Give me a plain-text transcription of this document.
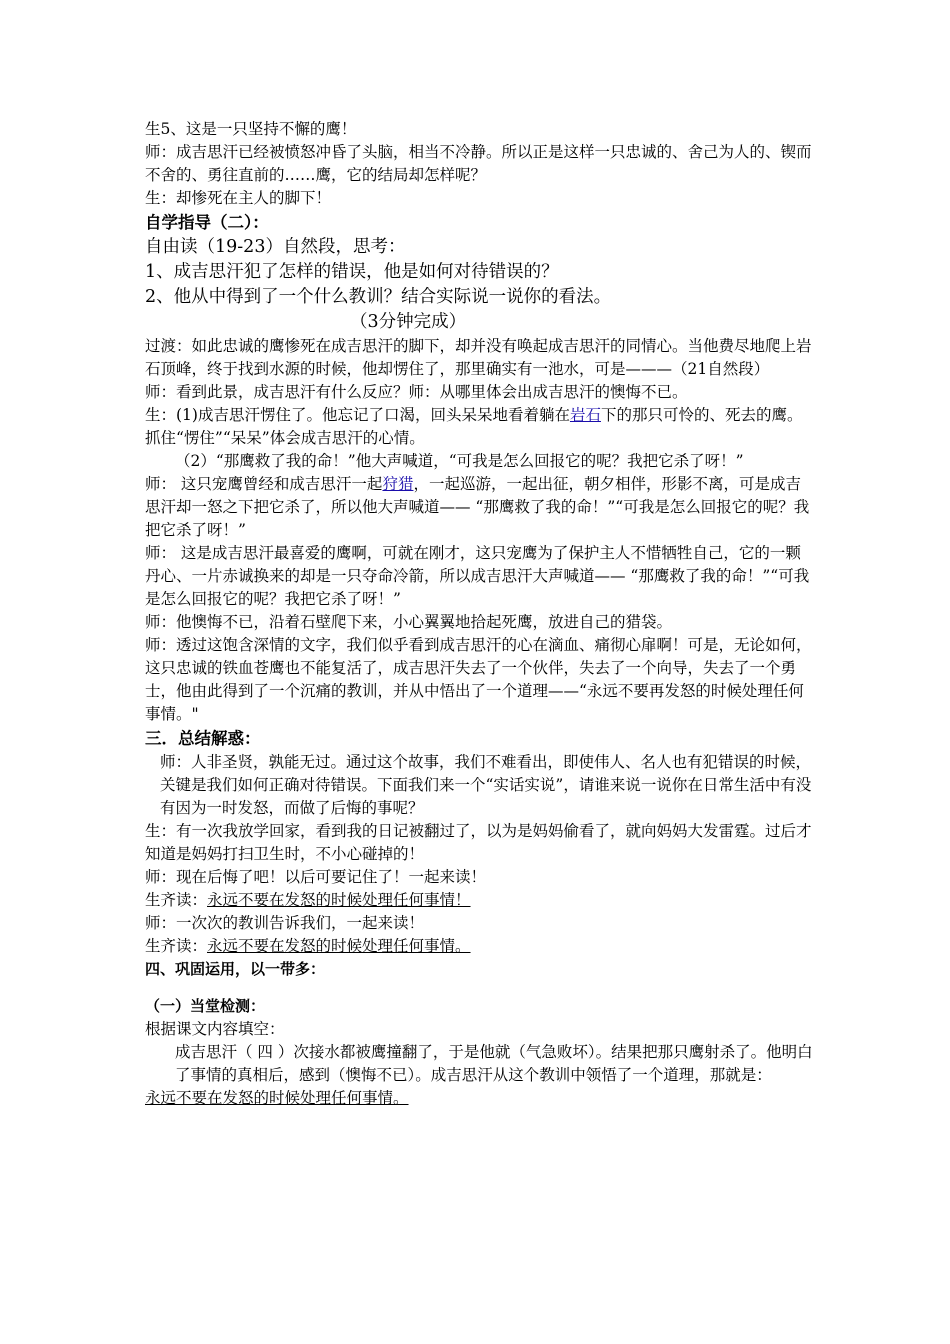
生5、这是一只坚持不懈的鹰！

师：成吉思汗已经被愤怒冲昏了头脑，相当不冷静。所以正是这样一只忠诚的、舍己为人的、锲而不舍的、勇往直前的……鹰，它的结局却怎样呢？

生：却惨死在主人的脚下！

自学指导（二）：

自由读（19-23）自然段，思考：

1、成吉思汗犯了怎样的错误，他是如何对待错误的？

2、他从中得到了一个什么教训？结合实际说一说你的看法。

（3分钟完成）

过渡：如此忠诚的鹰惨死在成吉思汗的脚下，却并没有唤起成吉思汗的同情心。当他费尽地爬上岩石顶峰，终于找到水源的时候，他却愣住了，那里确实有一池水，可是———（21自然段）

师：看到此景，成吉思汗有什么反应？师：从哪里体会出成吉思汗的懊悔不已。

生：(1)成吉思汗愣住了。他忘记了口渴，回头呆呆地看着躺在岩石下的那只可怜的、死去的鹰。抓住“愣住”“呆呆”体会成吉思汗的心情。

（2）“那鹰救了我的命！”他大声喊道，“可我是怎么回报它的呢？我把它杀了呀！”

师： 这只宠鹰曾经和成吉思汗一起狩猎，一起巡游，一起出征，朝夕相伴，形影不离，可是成吉思汗却一怒之下把它杀了，所以他大声喊道—— “那鹰救了我的命！”“可我是怎么回报它的呢？我把它杀了呀！”

师： 这是成吉思汗最喜爱的鹰啊，可就在刚才，这只宠鹰为了保护主人不惜牺牲自己，它的一颗丹心、一片赤诚换来的却是一只夺命冷箭，所以成吉思汗大声喊道—— “那鹰救了我的命！”“可我是怎么回报它的呢？我把它杀了呀！”

师：他懊悔不已，沿着石壁爬下来，小心翼翼地拾起死鹰，放进自己的猎袋。

师：透过这饱含深情的文字，我们似乎看到成吉思汗的心在滴血、痛彻心扉啊！可是，无论如何，这只忠诚的铁血苍鹰也不能复活了，成吉思汗失去了一个伙伴，失去了一个向导，失去了一个勇士，他由此得到了一个沉痛的教训，并从中悟出了一个道理——“永远不要再发怒的时候处理任何事情。"

三．总结解惑：

师：人非圣贤，孰能无过。通过这个故事，我们不难看出，即使伟人、名人也有犯错误的时候，关键是我们如何正确对待错误。下面我们来一个“实话实说”，请谁来说一说你在日常生活中有没有因为一时发怒，而做了后悔的事呢？

生：有一次我放学回家，看到我的日记被翻过了，以为是妈妈偷看了，就向妈妈大发雷霆。过后才知道是妈妈打扫卫生时，不小心碰掉的！

师：现在后悔了吧！以后可要记住了！一起来读！

生齐读：永远不要在发怒的时候处理任何事情！

师：一次次的教训告诉我们，一起来读！

生齐读：永远不要在发怒的时候处理任何事情。

四、巩固运用，以一带多：

（一）当堂检测：

根据课文内容填空：

成吉思汗（ 四 ）次接水都被鹰撞翻了，于是他就（气急败坏）。结果把那只鹰射杀了。他明白了事情的真相后，感到（懊悔不已）。成吉思汗从这个教训中领悟了一个道理，那就是：

永远不要在发怒的时候处理任何事情。
